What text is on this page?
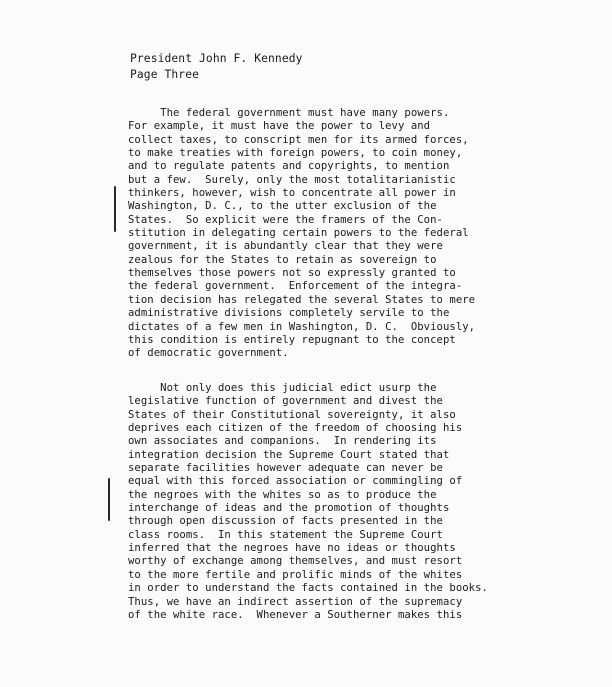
President John F. Kennedy
Page Three
The federal government must have many powers.
For example, it must have the power to levy and
collect taxes, to conscript men for its armed forces,
to make treaties with foreign powers, to coin money,
and to regulate patents and copyrights, to mention
but a few.  Surely, only the most totalitarianistic
thinkers, however, wish to concentrate all power in
Washington, D. C., to the utter exclusion of the
States.  So explicit were the framers of the Con-
stitution in delegating certain powers to the federal
government, it is abundantly clear that they were
zealous for the States to retain as sovereign to
themselves those powers not so expressly granted to
the federal government.  Enforcement of the integra-
tion decision has relegated the several States to mere
administrative divisions completely servile to the
dictates of a few men in Washington, D. C.  Obviously,
this condition is entirely repugnant to the concept
of democratic government.
Not only does this judicial edict usurp the
legislative function of government and divest the
States of their Constitutional sovereignty, it also
deprives each citizen of the freedom of choosing his
own associates and companions.  In rendering its
integration decision the Supreme Court stated that
separate facilities however adequate can never be
equal with this forced association or commingling of
the negroes with the whites so as to produce the
interchange of ideas and the promotion of thoughts
through open discussion of facts presented in the
class rooms.  In this statement the Supreme Court
inferred that the negroes have no ideas or thoughts
worthy of exchange among themselves, and must resort
to the more fertile and prolific minds of the whites
in order to understand the facts contained in the books.
Thus, we have an indirect assertion of the supremacy
of the white race.  Whenever a Southerner makes this
